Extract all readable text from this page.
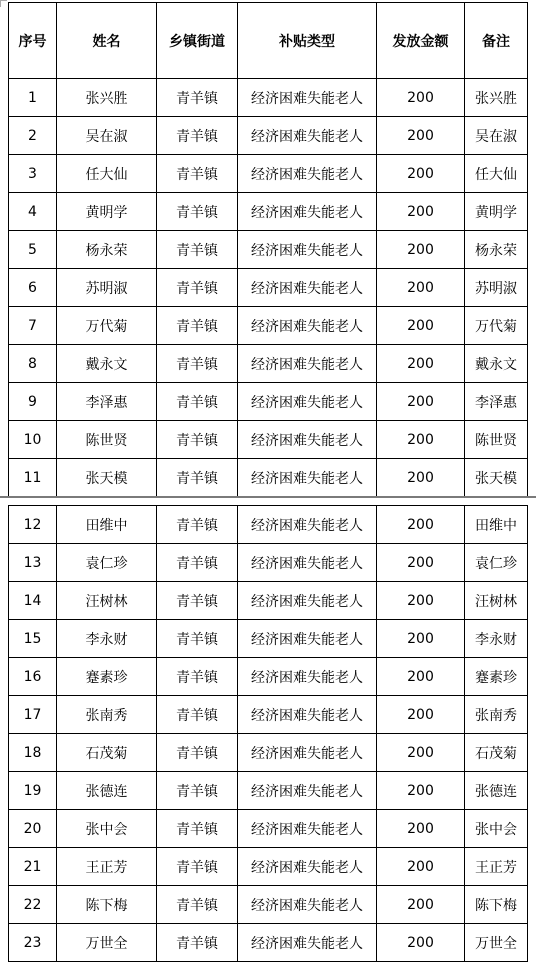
序号	姓名	乡镇街道	补贴类型	发放金额	备注
1	张兴胜	青羊镇	经济困难失能老人	200	张兴胜
2	吴在淑	青羊镇	经济困难失能老人	200	吴在淑
3	任大仙	青羊镇	经济困难失能老人	200	任大仙
4	黄明学	青羊镇	经济困难失能老人	200	黄明学
5	杨永荣	青羊镇	经济困难失能老人	200	杨永荣
6	苏明淑	青羊镇	经济困难失能老人	200	苏明淑
7	万代菊	青羊镇	经济困难失能老人	200	万代菊
8	戴永文	青羊镇	经济困难失能老人	200	戴永文
9	李泽惠	青羊镇	经济困难失能老人	200	李泽惠
10	陈世贤	青羊镇	经济困难失能老人	200	陈世贤
11	张天模	青羊镇	经济困难失能老人	200	张天模
12	田维中	青羊镇	经济困难失能老人	200	田维中
13	袁仁珍	青羊镇	经济困难失能老人	200	袁仁珍
14	汪树林	青羊镇	经济困难失能老人	200	汪树林
15	李永财	青羊镇	经济困难失能老人	200	李永财
16	蹇素珍	青羊镇	经济困难失能老人	200	蹇素珍
17	张南秀	青羊镇	经济困难失能老人	200	张南秀
18	石茂菊	青羊镇	经济困难失能老人	200	石茂菊
19	张德连	青羊镇	经济困难失能老人	200	张德连
20	张中会	青羊镇	经济困难失能老人	200	张中会
21	王正芳	青羊镇	经济困难失能老人	200	王正芳
22	陈下梅	青羊镇	经济困难失能老人	200	陈下梅
23	万世全	青羊镇	经济困难失能老人	200	万世全
